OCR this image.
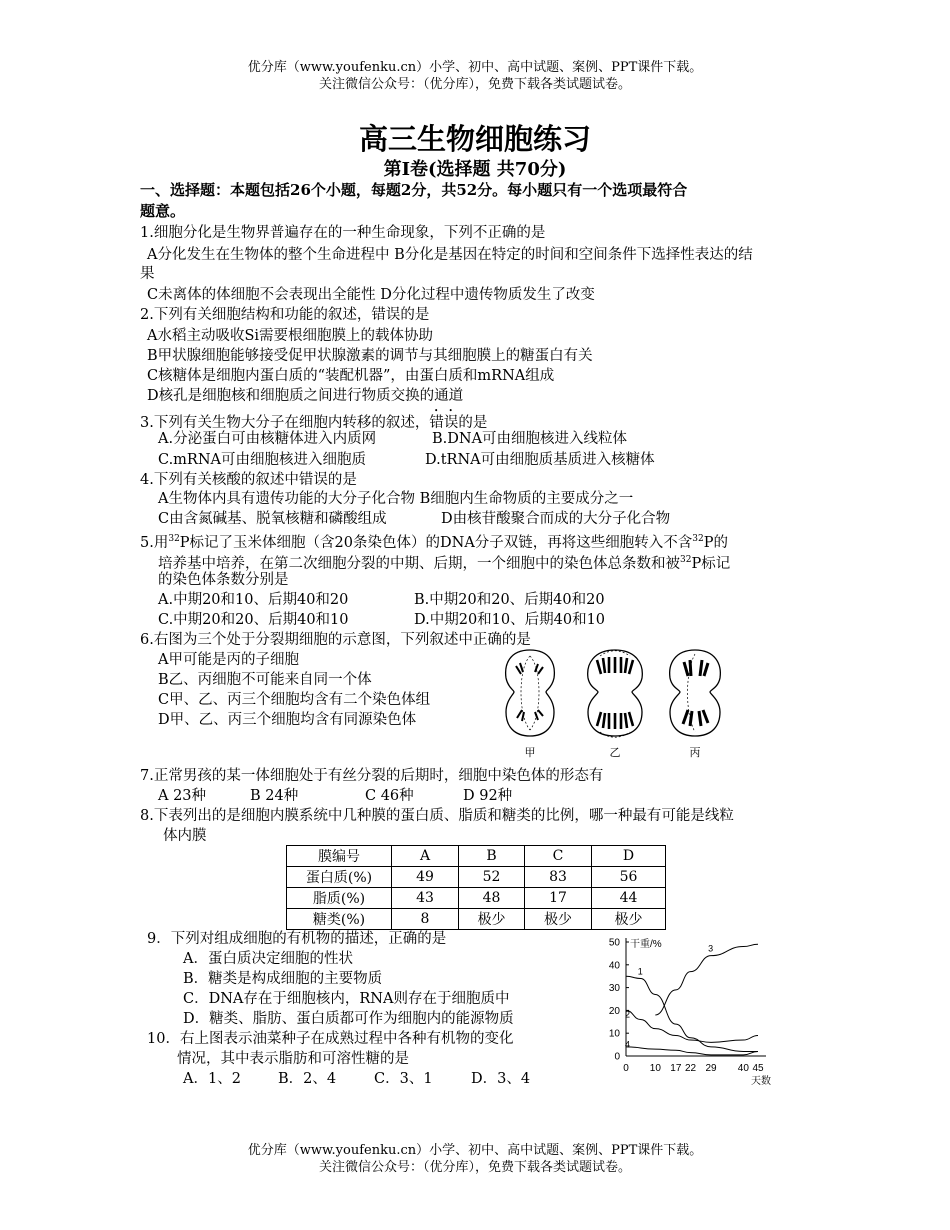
优分库（www.youfenku.cn）小学、初中、高中试题、案例、PPT课件下载。
关注微信公众号：（优分库），免费下载各类试题试卷。
高三生物细胞练习
第Ⅰ卷(选择题 共70分)
一、选择题：本题包括26个小题，每题2分，共52分。每小题只有一个选项最符合
题意。
1.细胞分化是生物界普遍存在的一种生命现象，下列不正确的是
A分化发生在生物体的整个生命进程中 B分化是基因在特定的时间和空间条件下选择性表达的结
果
C未离体的体细胞不会表现出全能性 D分化过程中遗传物质发生了改变
2.下列有关细胞结构和功能的叙述，错误的是
A水稻主动吸收Si需要根细胞膜上的载体协助
B甲状腺细胞能够接受促甲状腺激素的调节与其细胞膜上的糖蛋白有关
C核糖体是细胞内蛋白质的“装配机器”，由蛋白质和mRNA组成
D核孔是细胞核和细胞质之间进行物质交换的通道
3.下列有关生物大分子在细胞内转移的叙述，错误的是
A.分泌蛋白可由核糖体进入内质网	B.DNA可由细胞核进入线粒体
C.mRNA可由细胞核进入细胞质	D.tRNA可由细胞质基质进入核糖体
4.下列有关核酸的叙述中错误的是
A生物体内具有遗传功能的大分子化合物 B细胞内生命物质的主要成分之一
C由含氮碱基、脱氧核糖和磷酸组成	D由核苷酸聚合而成的大分子化合物
5.用$^{32}$P标记了玉米体细胞（含20条染色体）的DNA分子双链，再将这些细胞转入不含$^{32}$P的
培养基中培养，在第二次细胞分裂的中期、后期，一个细胞中的染色体总条数和被$^{32}$P标记
的染色体条数分别是
A.中期20和10、后期40和20	B.中期20和20、后期40和20
C.中期20和20、后期40和10	D.中期20和10、后期40和10
6.右图为三个处于分裂期细胞的示意图，下列叙述中正确的是
A甲可能是丙的子细胞
B乙、丙细胞不可能来自同一个体
C甲、乙、丙三个细胞均含有二个染色体组
D甲、乙、丙三个细胞均含有同源染色体
甲	乙	丙
7.正常男孩的某一体细胞处于有丝分裂的后期时，细胞中染色体的形态有
A 23种	B 24种	C 46种	D 92种
8.下表列出的是细胞内膜系统中几种膜的蛋白质、脂质和糖类的比例，哪一种最有可能是线粒
体内膜
膜编号	A	B	C	D
蛋白质(%)	49	52	83	56
脂质(%)	43	48	17	44
糖类(%)	8	极少	极少	极少
9．下列对组成细胞的有机物的描述，正确的是
A．蛋白质决定细胞的性状
B．糖类是构成细胞的主要物质
C．DNA存在于细胞核内，RNA则存在于细胞质中
D．糖类、脂肪、蛋白质都可作为细胞内的能源物质
10．右上图表示油菜种子在成熟过程中各种有机物的变化
情况，其中表示脂肪和可溶性糖的是
A．1、2	B．2、4	C．3、1	D．3、4
0
10
20
30
40
50
0 10 17 22 29 40 45
干重/%
天数
1
2
3
4
优分库（www.youfenku.cn）小学、初中、高中试题、案例、PPT课件下载。
关注微信公众号：（优分库），免费下载各类试题试卷。
